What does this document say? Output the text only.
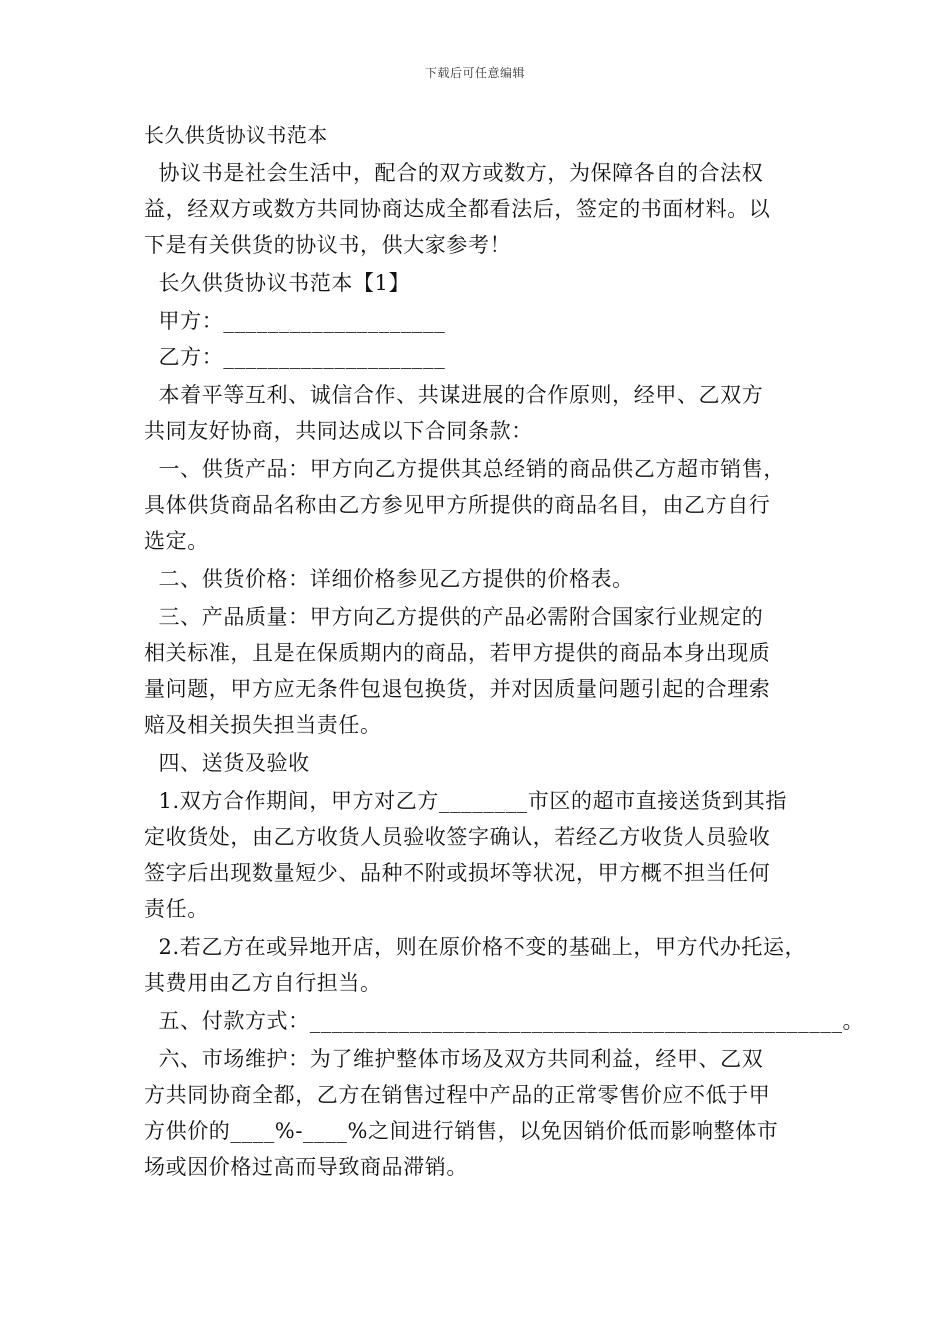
下载后可任意编辑
长久供货协议书范本
协议书是社会生活中，配合的双方或数方，为保障各自的合法权
益，经双方或数方共同协商达成全都看法后，签定的书面材料。以
下是有关供货的协议书，供大家参考！
长久供货协议书范本【1】
甲方：____________________
乙方：____________________
本着平等互利、诚信合作、共谋进展的合作原则，经甲、乙双方
共同友好协商，共同达成以下合同条款：
一、供货产品：甲方向乙方提供其总经销的商品供乙方超市销售，
具体供货商品名称由乙方参见甲方所提供的商品名目，由乙方自行
选定。
二、供货价格：详细价格参见乙方提供的价格表。
三、产品质量：甲方向乙方提供的产品必需附合国家行业规定的
相关标准，且是在保质期内的商品，若甲方提供的商品本身出现质
量问题，甲方应无条件包退包换货，并对因质量问题引起的合理索
赔及相关损失担当责任。
四、送货及验收
1.双方合作期间，甲方对乙方________市区的超市直接送货到其指
定收货处，由乙方收货人员验收签字确认，若经乙方收货人员验收
签字后出现数量短少、品种不附或损坏等状况，甲方概不担当任何
责任。
2.若乙方在或异地开店，则在原价格不变的基础上，甲方代办托运，
其费用由乙方自行担当。
五、付款方式：________________________________________________。
六、市场维护：为了维护整体市场及双方共同利益，经甲、乙双
方共同协商全都，乙方在销售过程中产品的正常零售价应不低于甲
方供价的____%-____%之间进行销售，以免因销价低而影响整体市
场或因价格过高而导致商品滞销。
